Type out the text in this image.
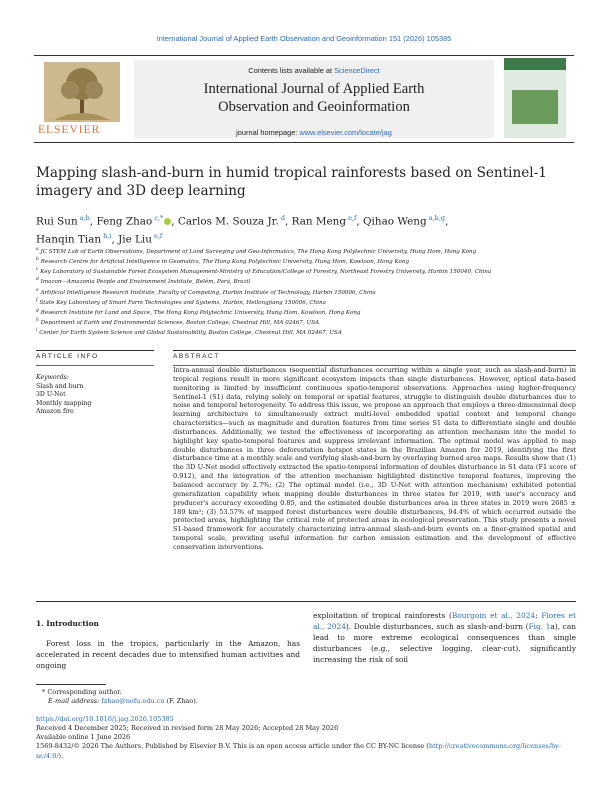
International Journal of Applied Earth Observation and Geoinformation 151 (2026) 105385
ELSEVIER
Contents lists available at ScienceDirect
International Journal of Applied Earth
Observation and Geoinformation
journal homepage: www.elsevier.com/locate/jag
Mapping slash-and-burn in humid tropical rainforests based on Sentinel-1
imagery and 3D deep learning
Rui Sun $^{a,b}$, Feng Zhao $^{c,*}$ , Carlos M. Souza Jr. $^d$, Ran Meng $^{e,f}$, Qihao Weng $^{a,b,g}$,
Hanqin Tian $^{h,i}$, Jie Liu $^{e,f}$
$^a$ JC STEM Lab of Earth Observations, Department of Land Surveying and Geo-Informatics, The Hong Kong Polytechnic University, Hung Hom, Hong Kong
$^b$ Research Centre for Artificial Intelligence in Geomatics, The Hong Kong Polytechnic University, Hung Hom, Kowloon, Hong Kong
$^c$ Key Laboratory of Sustainable Forest Ecosystem Management-Ministry of Education/College of Forestry, Northeast Forestry University, Harbin 150040, China
$^d$ Imazon—Amazonia People and Environment Institute, Belém, Pará, Brazil
$^e$ Artificial Intelligence Research Institute, Faculty of Computing, Harbin Institute of Technology, Harbin 150006, China
$^f$ State Key Laboratory of Smart Farm Technologies and Systems, Harbin, Heilongjiang 150006, China
$^g$ Research Institute for Land and Space, The Hong Kong Polytechnic University, Hung Hom, Kowloon, Hong Kong
$^h$ Department of Earth and Environmental Sciences, Boston College, Chestnut Hill, MA 02467, USA
$^i$ Center for Earth System Science and Global Sustainability, Boston College, Chestnut Hill, MA 02467, USA
ARTICLE INFO	ABSTRACT
Keywords:
Slash and burn
3D U-Net
Monthly mapping
Amazon fire
Intra-annual double disturbances (sequential disturbances occurring within a single year, such as slash-and-burn) in tropical regions result in more significant ecosystem impacts than single disturbances. However, optical data-based monitoring is limited by insufficient continuous spatio-temporal observations. Approaches using higher-frequency Sentinel-1 (S1) data, relying solely on temporal or spatial features, struggle to distinguish double disturbances due to noise and temporal heterogeneity. To address this issue, we propose an approach that employs a three-dimensional deep learning architecture to simultaneously extract multi-level embedded spatial context and temporal change characteristics—such as magnitude and duration features from time series S1 data to differentiate single and double disturbances. Additionally, we tested the effectiveness of incorporating an attention mechanism into the model to highlight key spatio-temporal features and suppress irrelevant information. The optimal model was applied to map double disturbances in three deforestation hotspot states in the Brazilian Amazon for 2019, identifying the first disturbance time at a monthly scale and verifying slash-and-burn by overlaying burned area maps. Results show that (1) the 3D U-Net model effectively extracted the spatio-temporal information of doubles disturbance in S1 data (F1 score of 0.912), and the integration of the attention mechanism highlighted distinctive temporal features, improving the balanced accuracy by 2.7%; (2) The optimal model (i.e., 3D U-Net with attention mechanism) exhibited potential generalization capability when mapping double disturbances in three states for 2019, with user's accuracy and producer's accuracy exceeding 0.85, and the estimated double disturbances area in three states in 2019 were 2685 ± 189 km²; (3) 53.57% of mapped forest disturbances were double disturbances, 94.4% of which occurred outside the protected areas, highlighting the critical role of protected areas in ecological preservation. This study presents a novel S1-based framework for accurately characterizing intra-annual slash-and-burn events on a finer-grained spatial and temporal scale, providing useful information for carbon emission estimation and the development of effective conservation interventions.
1. Introduction
Forest loss in the tropics, particularly in the Amazon, has accelerated in recent decades due to intensified human activities and ongoing
exploitation of tropical rainforests (Bourgoin et al., 2024; Flores et al., 2024). Double disturbances, such as slash-and-burn (Fig. 1a), can lead to more extreme ecological consequences than single disturbances (e.g., selective logging, clear-cut), significantly increasing the risk of soil
* Corresponding author.
E-mail address: fzhao@nefu.edu.cn (F. Zhao).
https://doi.org/10.1016/j.jag.2026.105385
Received 4 December 2025; Received in revised form 28 May 2026; Accepted 28 May 2026
Available online 1 June 2026
1569-8432/© 2026 The Authors. Published by Elsevier B.V. This is an open access article under the CC BY-NC license (http://creativecommons.org/licenses/by-nc/4.0/).
